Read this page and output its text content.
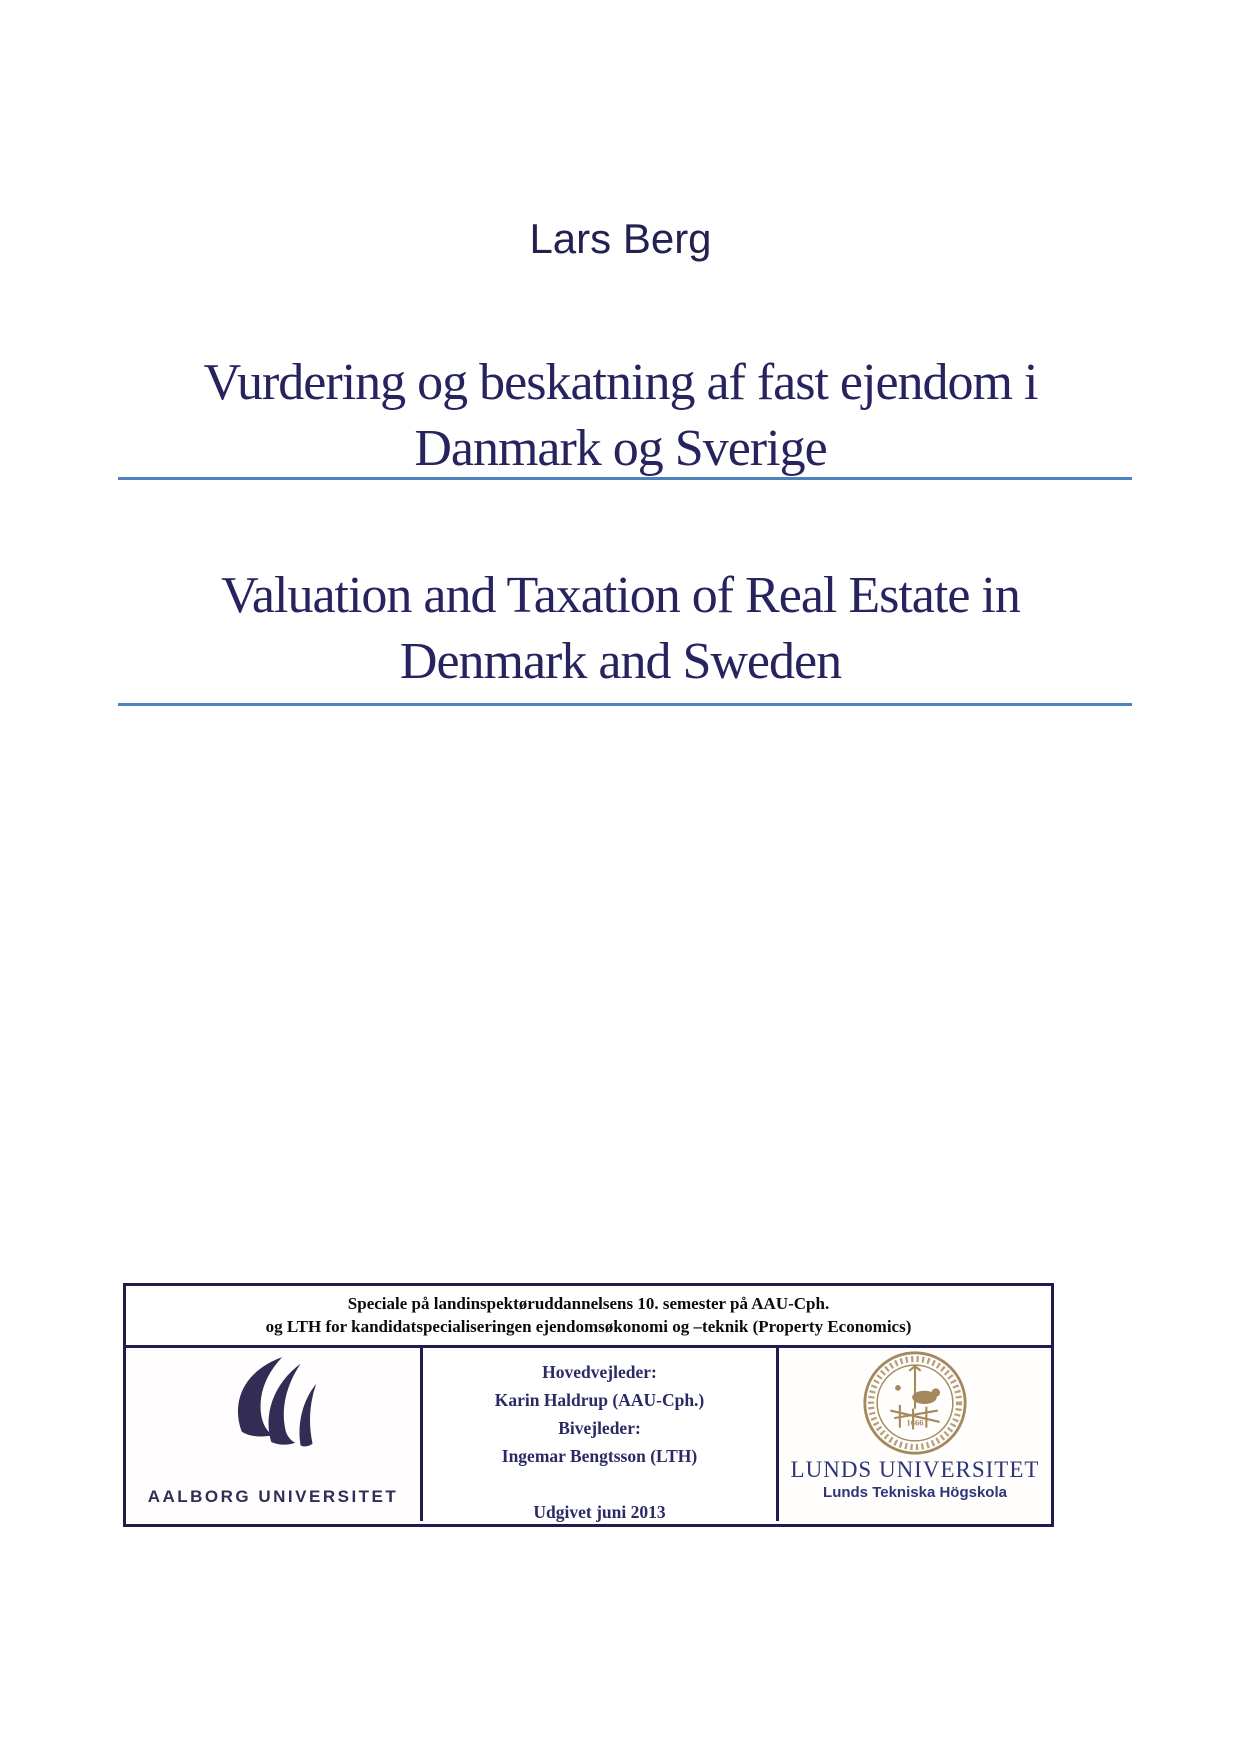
Lars Berg
Vurdering og beskatning af fast ejendom i
Danmark og Sverige
Valuation and Taxation of Real Estate in
Denmark and Sweden
Speciale på landinspektøruddannelsens 10. semester på AAU-Cph.
og LTH for kandidatspecialiseringen ejendomsøkonomi og –teknik (Property Economics)
AALBORG UNIVERSITET
Hovedvejleder:
Karin Haldrup (AAU-Cph.)
Bivejleder:
Ingemar Bengtsson (LTH)
Udgivet juni 2013
1666
LUNDS UNIVERSITET
Lunds Tekniska Högskola
